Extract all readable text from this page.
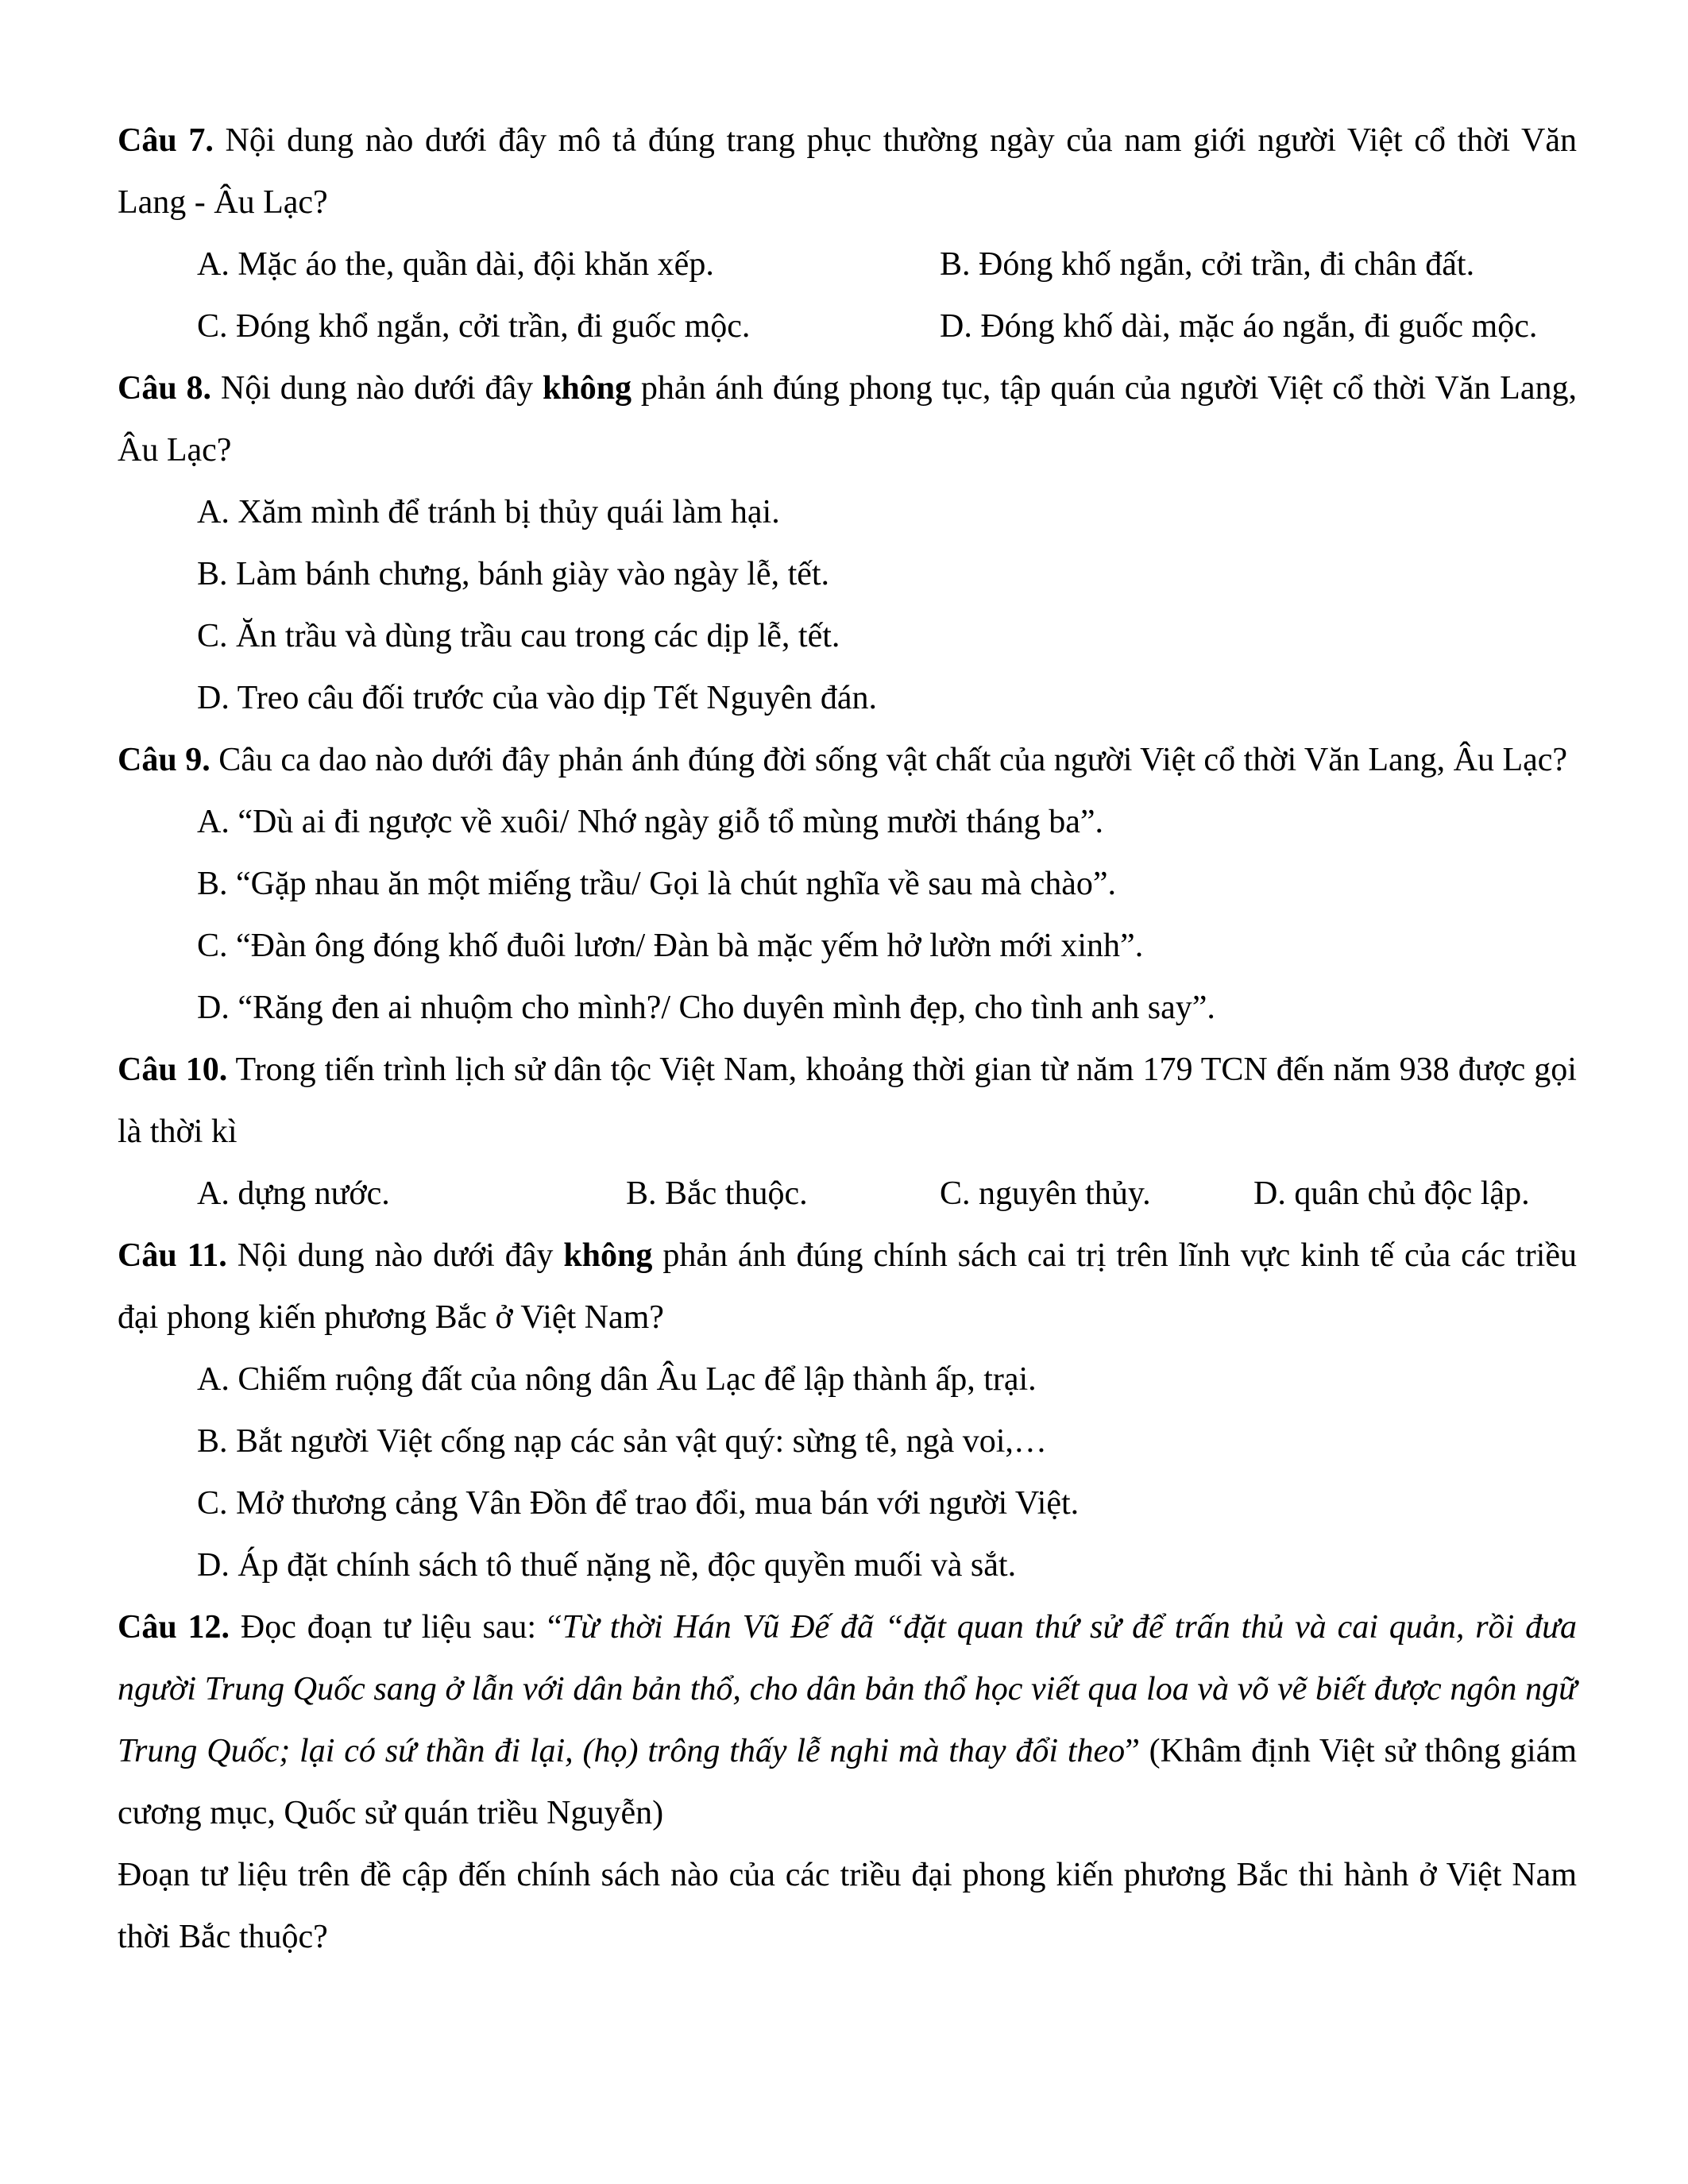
Câu 7. Nội dung nào dưới đây mô tả đúng trang phục thường ngày của nam giới người Việt cổ thời Văn Lang - Âu Lạc?

A. Mặc áo the, quần dài, đội khăn xếp.	B. Đóng khố ngắn, cởi trần, đi chân đất.
C. Đóng khổ ngắn, cởi trần, đi guốc mộc.	D. Đóng khố dài, mặc áo ngắn, đi guốc mộc.

Câu 8. Nội dung nào dưới đây không phản ánh đúng phong tục, tập quán của người Việt cổ thời Văn Lang, Âu Lạc?

A. Xăm mình để tránh bị thủy quái làm hại.

B. Làm bánh chưng, bánh giày vào ngày lễ, tết.

C. Ăn trầu và dùng trầu cau trong các dịp lễ, tết.

D. Treo câu đối trước của vào dịp Tết Nguyên đán.

Câu 9. Câu ca dao nào dưới đây phản ánh đúng đời sống vật chất của người Việt cổ thời Văn Lang, Âu Lạc?

A. “Dù ai đi ngược về xuôi/ Nhớ ngày giỗ tổ mùng mười tháng ba”.

B. “Gặp nhau ăn một miếng trầu/ Gọi là chút nghĩa về sau mà chào”.

C. “Đàn ông đóng khố đuôi lươn/ Đàn bà mặc yếm hở lườn mới xinh”.

D. “Răng đen ai nhuộm cho mình?/ Cho duyên mình đẹp, cho tình anh say”.

Câu 10. Trong tiến trình lịch sử dân tộc Việt Nam, khoảng thời gian từ năm 179 TCN đến năm 938 được gọi là thời kì

A. dựng nước.	B. Bắc thuộc.	C. nguyên thủy.	D. quân chủ độc lập.

Câu 11. Nội dung nào dưới đây không phản ánh đúng chính sách cai trị trên lĩnh vực kinh tế của các triều đại phong kiến phương Bắc ở Việt Nam?

A. Chiếm ruộng đất của nông dân Âu Lạc để lập thành ấp, trại.

B. Bắt người Việt cống nạp các sản vật quý: sừng tê, ngà voi,…

C. Mở thương cảng Vân Đồn để trao đổi, mua bán với người Việt.

D. Áp đặt chính sách tô thuế nặng nề, độc quyền muối và sắt.

Câu 12. Đọc đoạn tư liệu sau: “Từ thời Hán Vũ Đế đã “đặt quan thứ sử để trấn thủ và cai quản, rồi đưa người Trung Quốc sang ở lẫn với dân bản thổ, cho dân bản thổ học viết qua loa và võ vẽ biết được ngôn ngữ Trung Quốc; lại có sứ thần đi lại, (họ) trông thấy lễ nghi mà thay đổi theo” (Khâm định Việt sử thông giám cương mục, Quốc sử quán triều Nguyễn)

Đoạn tư liệu trên đề cập đến chính sách nào của các triều đại phong kiến phương Bắc thi hành ở Việt Nam thời Bắc thuộc?
